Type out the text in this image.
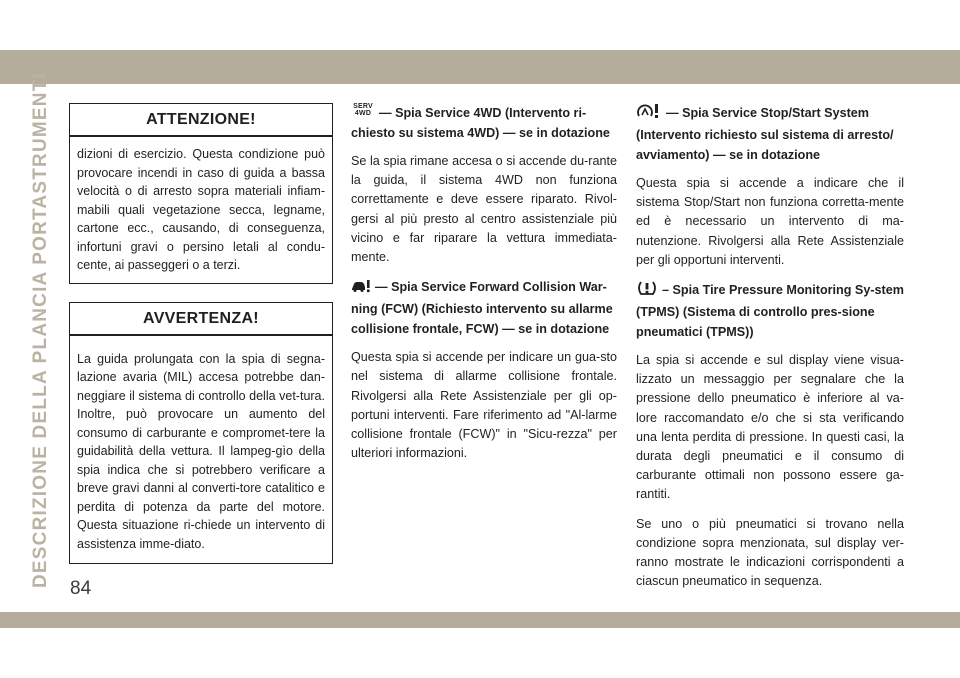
DESCRIZIONE DELLA PLANCIA PORTASTRUMENTI
84
ATTENZIONE!
dizioni di esercizio. Questa condizione può provocare incendi in caso di guida a bassa velocità o di arresto sopra materiali infiam-mabili quali vegetazione secca, legname, cartone ecc., causando, di conseguenza, infortuni gravi o persino letali al condu-cente, ai passeggeri o a terzi.
AVVERTENZA!
La guida prolungata con la spia di segna-lazione avaria (MIL) accesa potrebbe dan-neggiare il sistema di controllo della vet-tura. Inoltre, può provocare un aumento del consumo di carburante e compromet-tere la guidabilità della vettura. Il lampeg-gìo della spia indica che si potrebbero verificare a breve gravi danni al converti-tore catalitico e perdita di potenza da parte del motore. Questa situazione ri-chiede un intervento di assistenza imme-diato.
SERV
4WD — Spia Service 4WD (Intervento ri-chiesto su sistema 4WD) — se in dotazione
Se la spia rimane accesa o si accende du-rante la guida, il sistema 4WD non funziona correttamente e deve essere riparato. Rivol-gersi al più presto al centro assistenziale più vicino e far riparare la vettura immediata-mente.
— Spia Service Forward Collision War-ning (FCW) (Richiesto intervento su allarme collisione frontale, FCW) — se in dotazione
Questa spia si accende per indicare un gua-sto nel sistema di allarme collisione frontale. Rivolgersi alla Rete Assistenziale per gli op-portuni interventi. Fare riferimento ad "Al-larme collisione frontale (FCW)" in "Sicu-rezza" per ulteriori informazioni.
— Spia Service Stop/Start System (Intervento richiesto sul sistema di arresto/ avviamento) — se in dotazione
Questa spia si accende a indicare che il sistema Stop/Start non funziona corretta-mente ed è necessario un intervento di ma-nutenzione. Rivolgersi alla Rete Assistenziale per gli opportuni interventi.
– Spia Tire Pressure Monitoring Sy-stem (TPMS) (Sistema di controllo pres-sione pneumatici (TPMS))
La spia si accende e sul display viene visua-lizzato un messaggio per segnalare che la pressione dello pneumatico è inferiore al va-lore raccomandato e/o che si sta verificando una lenta perdita di pressione. In questi casi, la durata degli pneumatici e il consumo di carburante ottimali non possono essere ga-rantiti.
Se uno o più pneumatici si trovano nella condizione sopra menzionata, sul display ver-ranno mostrate le indicazioni corrispondenti a ciascun pneumatico in sequenza.
